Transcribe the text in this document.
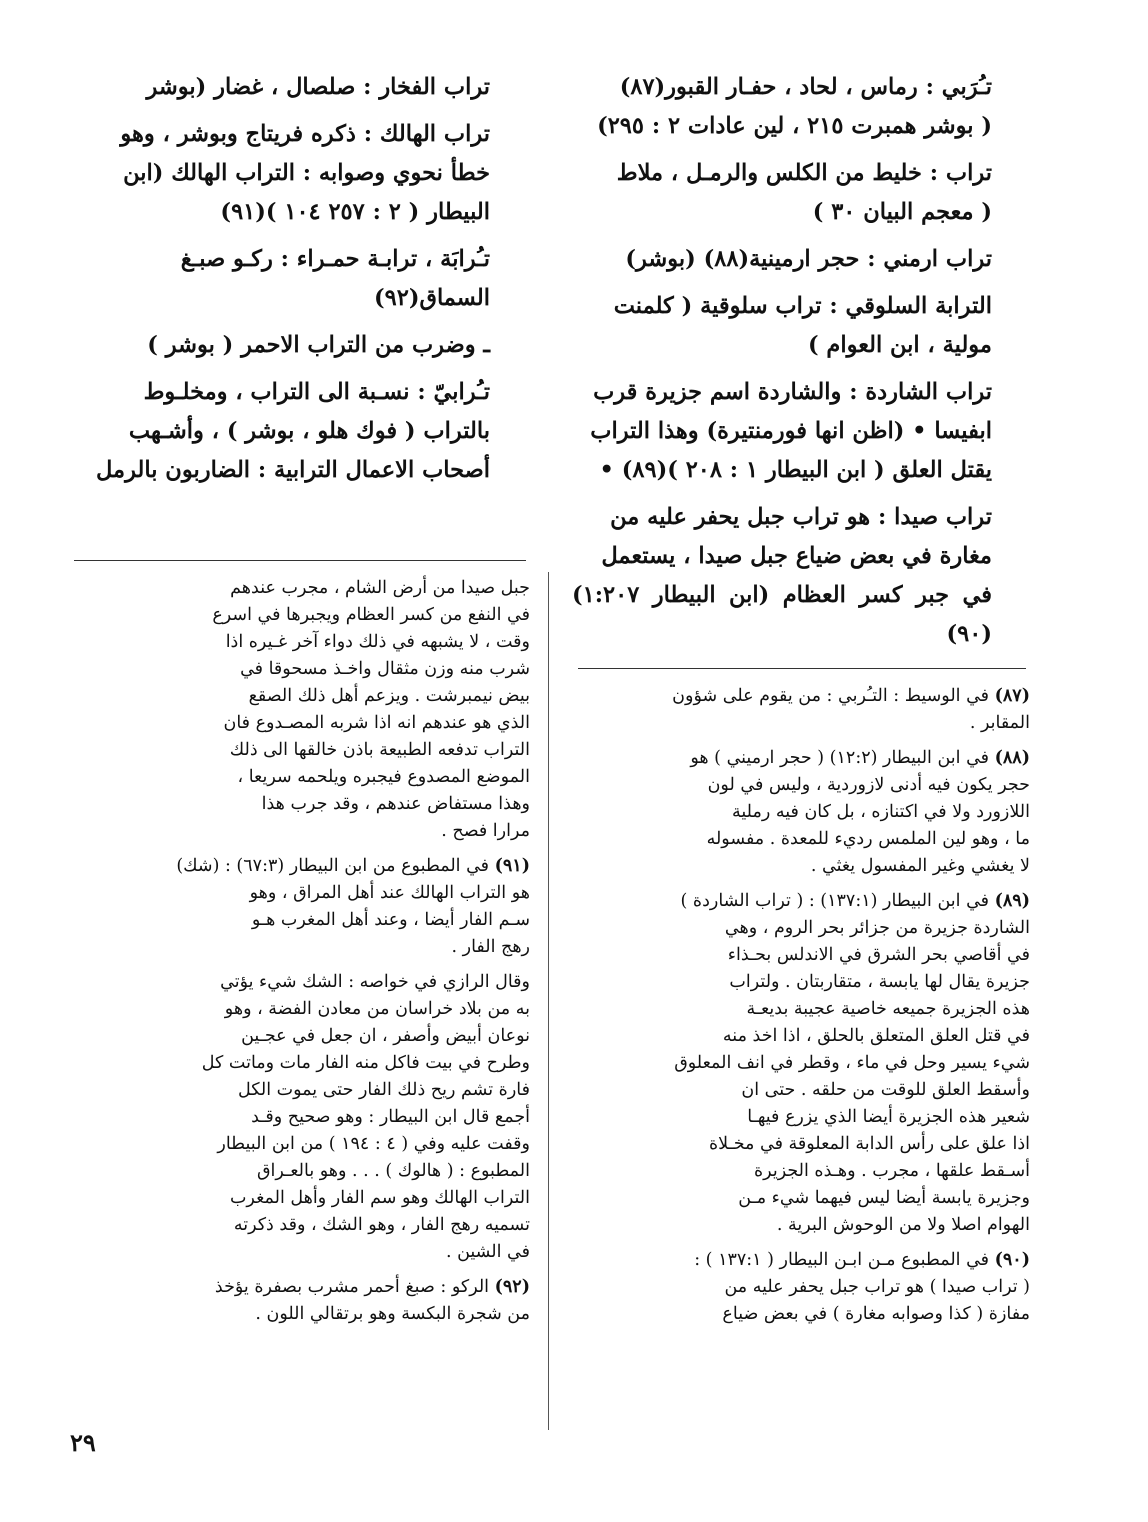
تـُرَبي : رماس ، لحاد ، حفـار القبور(٨٧)
( بوشر همبرت ٢١٥ ، لين عادات ٢ : ٢٩٥)
تراب : خليط من الكلس والرمـل ، ملاط
( معجم البيان ٣٠ )
تراب ارمني : حجر ارمينية(٨٨) (بوشر)
الترابة السلوقي : تراب سلوقية ( كلمنت
مولية ، ابن العوام )
تراب الشاردة : والشاردة اسم جزيرة قرب
ابفيسا • (اظن انها فورمنتيرة) وهذا التراب
يقتل العلق ( ابن البيطار ١ : ٢٠٨ )(٨٩) •
تراب صيدا : هو تراب جبل يحفر عليه من
مغارة في بعض ضياع جبل صيدا ، يستعمل
في جبر كسر العظام (ابن البيطار ١:٢٠٧)(٩٠)
تراب الفخار : صلصال ، غضار (بوشر
تراب الهالك : ذكره فريتاج وبوشر ، وهو
خطأ نحوي وصوابه : التراب الهالك (ابن
البيطار ( ٢ : ٢٥٧ ١٠٤ )(٩١)
تـُرابَة ، ترابـة حمـراء : ركـو صبـغ
السماق(٩٢)
ـ وضرب من التراب الاحمر ( بوشر )
تـُرابيّ : نسـبة الى التراب ، ومخلـوط
بالتراب ( فوك هلو ، بوشر ) ، وأشـهب
أصحاب الاعمال الترابية : الضاربون بالرمل
(٨٧) في الوسيط : التـُربي : من يقوم على شؤون
المقابر .
(٨٨) في ابن البيطار (١٢:٢) ( حجر ارميني ) هو
حجر يكون فيه أدنى لازوردية ، وليس في لون
اللازورد ولا في اكتنازه ، بل كان فيه رملية
ما ، وهو لين الملمس رديء للمعدة . مفسوله
لا يغشي وغير المفسول يغثي .
(٨٩) في ابن البيطار (١٣٧:١) : ( تراب الشاردة )
الشاردة جزيرة من جزائر بحر الروم ، وهي
في أقاصي بحر الشرق في الاندلس بحـذاء
جزيرة يقال لها يابسة ، متقاربتان . ولتراب
هذه الجزيرة جميعه خاصية عجيبة بديعـة
في قتل العلق المتعلق بالحلق ، اذا اخذ منه
شيء يسير وحل في ماء ، وقطر في انف المعلوق
وأسقط العلق للوقت من حلقه . حتى ان
شعير هذه الجزيرة أيضا الذي يزرع فيهـا
اذا علق على رأس الدابة المعلوقة في مخـلاة
أسـقط علقها ، مجرب . وهـذه الجزيرة
وجزيرة يابسة أيضا ليس فيهما شيء مـن
الهوام اصلا ولا من الوحوش البرية .
(٩٠) في المطبوع مـن ابـن البيطار ( ١٣٧:١ ) :
( تراب صيدا ) هو تراب جبل يحفر عليه من
مفازة ( كذا وصوابه مغارة ) في بعض ضياع
جبل صيدا من أرض الشام ، مجرب عندهم
في النفع من كسر العظام ويجبرها في اسرع
وقت ، لا يشبهه في ذلك دواء آخر غـيره اذا
شرب منه وزن مثقال واخـذ مسحوقا في
بيض نيمبرشت . ويزعم أهل ذلك الصقع
الذي هو عندهم انه اذا شربه المصـدوع فان
التراب تدفعه الطبيعة باذن خالقها الى ذلك
الموضع المصدوع فيجبره ويلحمه سريعا ،
وهذا مستفاض عندهم ، وقد جرب هذا
مرارا فصح .
(٩١) في المطبوع من ابن البيطار (٦٧:٣) : (شك)
هو التراب الهالك عند أهل المراق ، وهو
سـم الفار أيضا ، وعند أهل المغرب هـو
رهج الفار .
وقال الرازي في خواصه : الشك شيء يؤتي
به من بلاد خراسان من معادن الفضة ، وهو
نوعان أبيض وأصفر ، ان جعل في عجـين
وطرح في بيت فاكل منه الفار مات وماتت كل
فارة تشم ريح ذلك الفار حتى يموت الكل
أجمع قال ابن البيطار : وهو صحيح وقـد
وقفت عليه وفي ( ٤ : ١٩٤ ) من ابن البيطار
المطبوع : ( هالوك ) . . . وهو بالعـراق
التراب الهالك وهو سم الفار وأهل المغرب
تسميه رهج الفار ، وهو الشك ، وقد ذكرته
في الشين .
(٩٢) الركو : صبغ أحمر مشرب بصفرة يؤخذ
من شجرة البكسة وهو برتقالي اللون .
٢٩
